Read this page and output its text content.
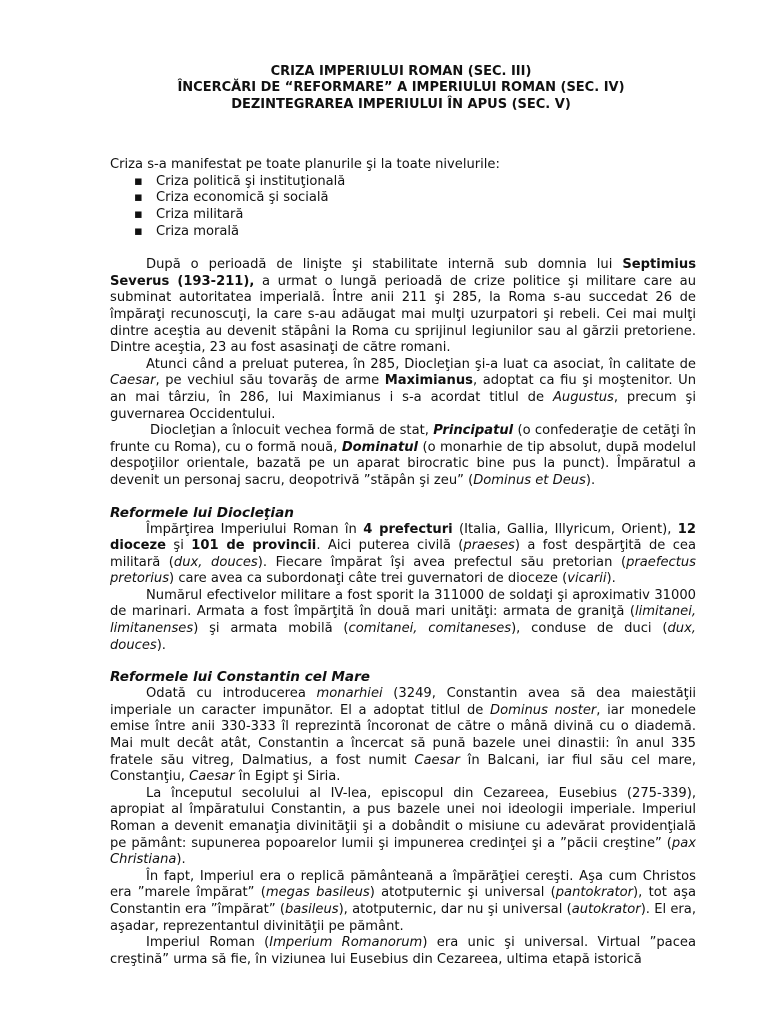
CRIZA IMPERIULUI ROMAN (SEC. III)
ÎNCERCĂRI DE “REFORMARE” A IMPERIULUI ROMAN (SEC. IV)
DEZINTEGRAREA IMPERIULUI ÎN APUS (SEC. V)
Criza s-a manifestat pe toate planurile şi la toate nivelurile:
▪ Criza politică şi instituţională
▪ Criza economică şi socială
▪ Criza militară
▪ Criza morală

După o perioadă de linişte şi stabilitate internă sub domnia lui Septimius Severus (193-211), a urmat o lungă perioadă de crize politice şi militare care au subminat autoritatea imperială. Între anii 211 şi 285, la Roma s-au succedat 26 de împăraţi recunoscuţi, la care s-au adăugat mai mulţi uzurpatori şi rebeli. Cei mai mulţi dintre aceştia au devenit stăpâni la Roma cu sprijinul legiunilor sau al gărzii pretoriene. Dintre aceştia, 23 au fost asasinaţi de către romani.

Atunci când a preluat puterea, în 285, Diocleţian şi-a luat ca asociat, în calitate de Caesar, pe vechiul său tovarăş de arme Maximianus, adoptat ca fiu şi moştenitor. Un an mai târziu, în 286, lui Maximianus i s-a acordat titlul de Augustus, precum şi guvernarea Occidentului.

Diocleţian a înlocuit vechea formă de stat, Principatul (o confederaţie de cetăţi în frunte cu Roma), cu o formă nouă, Dominatul (o monarhie de tip absolut, după modelul despoţiilor orientale, bazată pe un aparat birocratic bine pus la punct). Împăratul a devenit un personaj sacru, deopotrivă ”stăpân şi zeu” (Dominus et Deus).

Reformele lui Diocleţian

Împărţirea Imperiului Roman în 4 prefecturi (Italia, Gallia, Illyricum, Orient), 12 dioceze şi 101 de provincii. Aici puterea civilă (praeses) a fost despărţită de cea militară (dux, douces). Fiecare împărat îşi avea prefectul său pretorian (praefectus pretorius) care avea ca subordonaţi câte trei guvernatori de dioceze (vicarii).

Numărul efectivelor militare a fost sporit la 311000 de soldaţi şi aproximativ 31000 de marinari. Armata a fost împărţită în două mari unităţi: armata de graniţă (limitanei, limitanenses) şi armata mobilă (comitanei, comitaneses), conduse de duci (dux, douces).

Reformele lui Constantin cel Mare

Odată cu introducerea monarhiei (3249, Constantin avea să dea maiestăţii imperiale un caracter impunător. El a adoptat titlul de Dominus noster, iar monedele emise între anii 330-333 îl reprezintă încoronat de către o mână divină cu o diademă. Mai mult decât atât, Constantin a încercat să pună bazele unei dinastii: în anul 335 fratele său vitreg, Dalmatius, a fost numit Caesar în Balcani, iar fiul său cel mare, Constanţiu, Caesar în Egipt şi Siria.

La începutul secolului al IV-lea, episcopul din Cezareea, Eusebius (275-339), apropiat al împăratului Constantin, a pus bazele unei noi ideologii imperiale. Imperiul Roman a devenit emanaţia divinităţii şi a dobândit o misiune cu adevărat providenţială pe pământ: supunerea popoarelor lumii şi impunerea credinţei şi a ”păcii creştine” (pax Christiana).

În fapt, Imperiul era o replică pământeană a împărăţiei cereşti. Aşa cum Christos era ”marele împărat” (megas basileus) atotputernic şi universal (pantokrator), tot aşa Constantin era ”împărat” (basileus), atotputernic, dar nu şi universal (autokrator). El era, aşadar, reprezentantul divinităţii pe pământ.

Imperiul Roman (Imperium Romanorum) era unic şi universal. Virtual ”pacea creştină” urma să fie, în viziunea lui Eusebius din Cezareea, ultima etapă istorică
